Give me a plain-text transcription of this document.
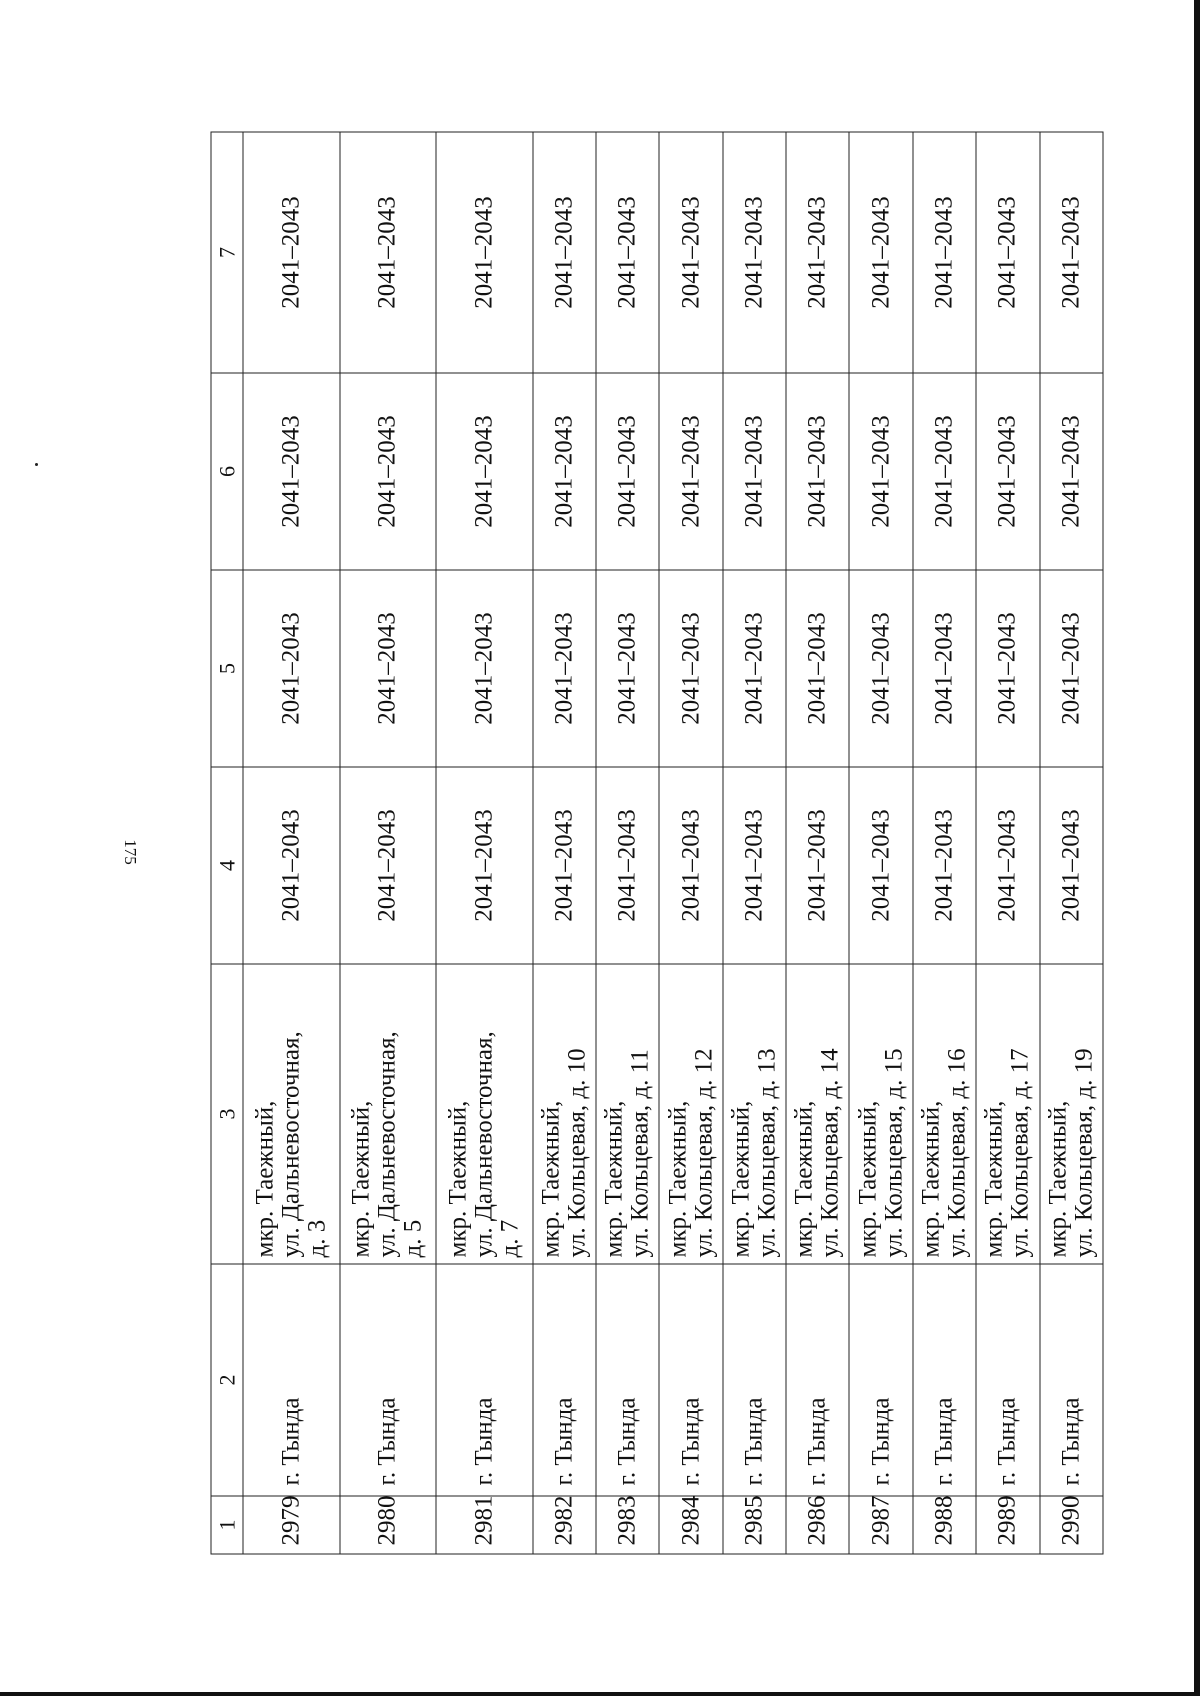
175
1	2	3	4	5	6	7
2979	г. Тында	мкр. Таежный,
ул. Дальневосточная,
д. 3	2041–2043	2041–2043	2041–2043	2041–2043
2980	г. Тында	мкр. Таежный,
ул. Дальневосточная,
д. 5	2041–2043	2041–2043	2041–2043	2041–2043
2981	г. Тында	мкр. Таежный,
ул. Дальневосточная,
д. 7	2041–2043	2041–2043	2041–2043	2041–2043
2982	г. Тында	мкр. Таежный,
ул. Кольцевая, д. 10	2041–2043	2041–2043	2041–2043	2041–2043
2983	г. Тында	мкр. Таежный,
ул. Кольцевая, д. 11	2041–2043	2041–2043	2041–2043	2041–2043
2984	г. Тында	мкр. Таежный,
ул. Кольцевая, д. 12	2041–2043	2041–2043	2041–2043	2041–2043
2985	г. Тында	мкр. Таежный,
ул. Кольцевая, д. 13	2041–2043	2041–2043	2041–2043	2041–2043
2986	г. Тында	мкр. Таежный,
ул. Кольцевая, д. 14	2041–2043	2041–2043	2041–2043	2041–2043
2987	г. Тында	мкр. Таежный,
ул. Кольцевая, д. 15	2041–2043	2041–2043	2041–2043	2041–2043
2988	г. Тында	мкр. Таежный,
ул. Кольцевая, д. 16	2041–2043	2041–2043	2041–2043	2041–2043
2989	г. Тында	мкр. Таежный,
ул. Кольцевая, д. 17	2041–2043	2041–2043	2041–2043	2041–2043
2990	г. Тында	мкр. Таежный,
ул. Кольцевая, д. 19	2041–2043	2041–2043	2041–2043	2041–2043
